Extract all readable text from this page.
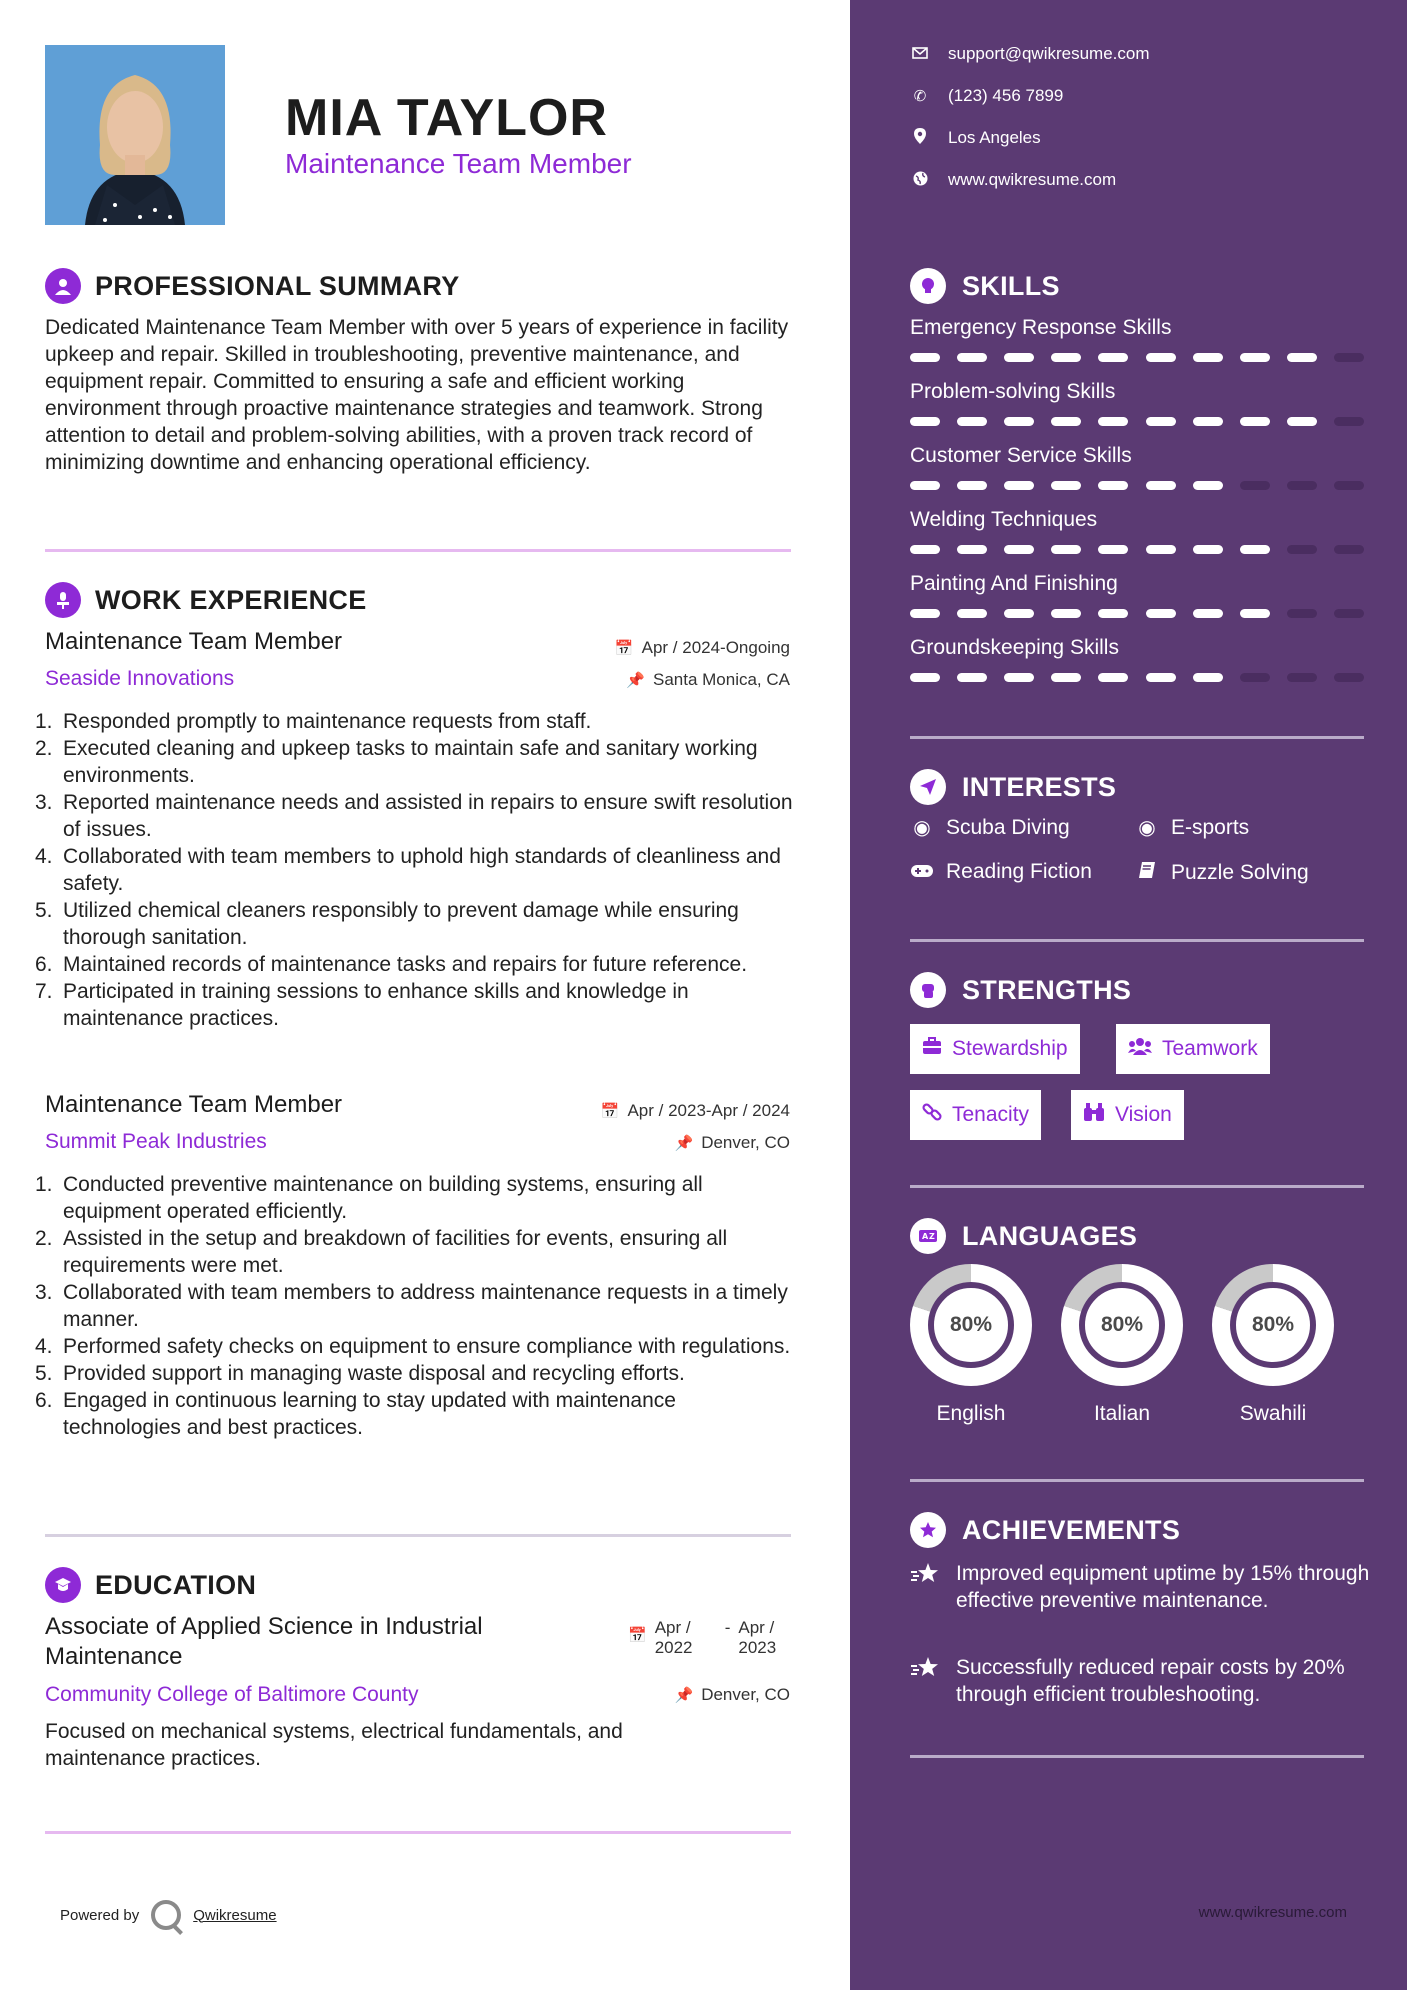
MIA TAYLOR
Maintenance Team Member
PROFESSIONAL SUMMARY
Dedicated Maintenance Team Member with over 5 years of experience in facility upkeep and repair. Skilled in troubleshooting, preventive maintenance, and equipment repair. Committed to ensuring a safe and efficient working environment through proactive maintenance strategies and teamwork. Strong attention to detail and problem-solving abilities, with a proven track record of minimizing downtime and enhancing operational efficiency.
WORK EXPERIENCE
Maintenance Team Member	📅 Apr / 2024-Ongoing
Seaside Innovations	📌 Santa Monica, CA
1. Responded promptly to maintenance requests from staff.
2. Executed cleaning and upkeep tasks to maintain safe and sanitary working environments.
3. Reported maintenance needs and assisted in repairs to ensure swift resolution of issues.
4. Collaborated with team members to uphold high standards of cleanliness and safety.
5. Utilized chemical cleaners responsibly to prevent damage while ensuring thorough sanitation.
6. Maintained records of maintenance tasks and repairs for future reference.
7. Participated in training sessions to enhance skills and knowledge in maintenance practices.
Maintenance Team Member	📅 Apr / 2023-Apr / 2024
Summit Peak Industries	📌 Denver, CO
1. Conducted preventive maintenance on building systems, ensuring all equipment operated efficiently.
2. Assisted in the setup and breakdown of facilities for events, ensuring all requirements were met.
3. Collaborated with team members to address maintenance requests in a timely manner.
4. Performed safety checks on equipment to ensure compliance with regulations.
5. Provided support in managing waste disposal and recycling efforts.
6. Engaged in continuous learning to stay updated with maintenance technologies and best practices.
EDUCATION
Associate of Applied Science in Industrial Maintenance
📅 Apr / 2022
- Apr / 2023
Community College of Baltimore County	📌 Denver, CO
Focused on mechanical systems, electrical fundamentals, and maintenance practices.
Powered by	Qwikresume
support@qwikresume.com
✆ (123) 456 7899
Los Angeles
www.qwikresume.com
SKILLS
Emergency Response Skills
Problem-solving Skills
Customer Service Skills
Welding Techniques
Painting And Finishing
Groundskeeping Skills
INTERESTS
◉ Scuba Diving	◉ E-sports
Reading Fiction	Puzzle Solving
STRENGTHS
Stewardship	Teamwork
Tenacity	Vision
A Z LANGUAGES
80%
English
80%
Italian
80%
Swahili
ACHIEVEMENTS
Improved equipment uptime by 15% through effective preventive maintenance.
Successfully reduced repair costs by 20% through efficient troubleshooting.
www.qwikresume.com
